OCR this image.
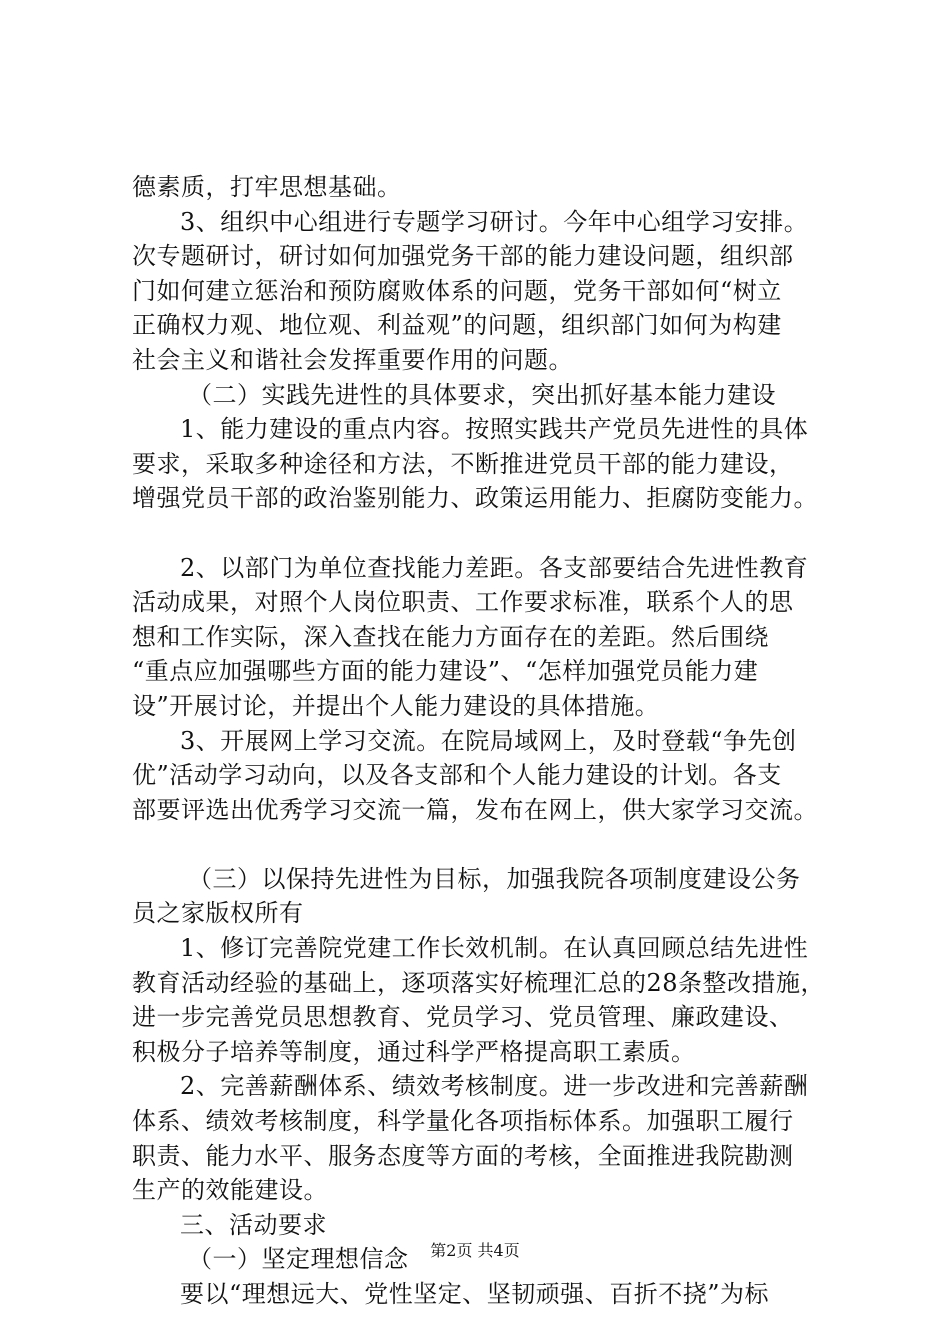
德素质，打牢思想基础。
3、组织中心组进行专题学习研讨。今年中心组学习安排。
次专题研讨，研讨如何加强党务干部的能力建设问题，组织部
门如何建立惩治和预防腐败体系的问题，党务干部如何“树立
正确权力观、地位观、利益观”的问题，组织部门如何为构建
社会主义和谐社会发挥重要作用的问题。
（二）实践先进性的具体要求，突出抓好基本能力建设
1、能力建设的重点内容。按照实践共产党员先进性的具体
要求，采取多种途径和方法，不断推进党员干部的能力建设，
增强党员干部的政治鉴别能力、政策运用能力、拒腐防变能力。
2、以部门为单位查找能力差距。各支部要结合先进性教育
活动成果，对照个人岗位职责、工作要求标准，联系个人的思
想和工作实际，深入查找在能力方面存在的差距。然后围绕
“重点应加强哪些方面的能力建设”、“怎样加强党员能力建
设”开展讨论，并提出个人能力建设的具体措施。
3、开展网上学习交流。在院局域网上，及时登载“争先创
优”活动学习动向，以及各支部和个人能力建设的计划。各支
部要评选出优秀学习交流一篇，发布在网上，供大家学习交流。
（三）以保持先进性为目标，加强我院各项制度建设公务
员之家版权所有
1、修订完善院党建工作长效机制。在认真回顾总结先进性
教育活动经验的基础上，逐项落实好梳理汇总的28条整改措施，
进一步完善党员思想教育、党员学习、党员管理、廉政建设、
积极分子培养等制度，通过科学严格提高职工素质。
2、完善薪酬体系、绩效考核制度。进一步改进和完善薪酬
体系、绩效考核制度，科学量化各项指标体系。加强职工履行
职责、能力水平、服务态度等方面的考核，全面推进我院勘测
生产的效能建设。
三、活动要求
（一）坚定理想信念
要以“理想远大、党性坚定、坚韧顽强、百折不挠”为标
第2页 共4页
